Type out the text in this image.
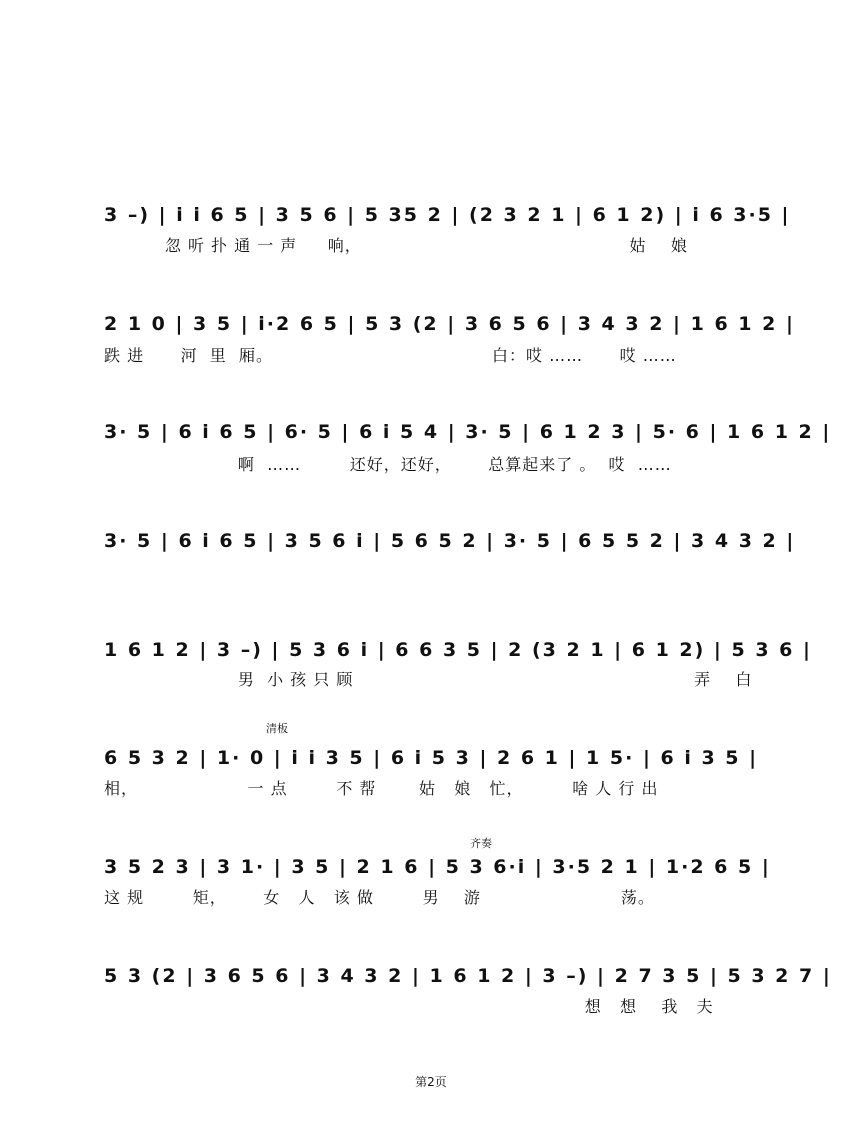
3 –) | i i 6 5 | 3 5 6 | 5 35 2 | (2 3 2 1 | 6 1 2) | i 6 3·5 |
忽 听 扑 通 一 声     响，                                            姑    娘
2 1 0 | 3 5 | i·2 6 5 | 5 3 (2 | 3 6 5 6 | 3 4 3 2 | 1 6 1 2 |
跌 进      河  里  厢。                                    白：哎 ……      哎 ……
3· 5 | 6 i 6 5 | 6· 5 | 6 i 5 4 | 3· 5 | 6 1 2 3 | 5· 6 | 1 6 1 2 |
啊  ……        还好，还好，      总算起来了 。  哎  ……
3· 5 | 6 i 6 5 | 3 5 6 i | 5 6 5 2 | 3· 5 | 6 5 5 2 | 3 4 3 2 |
1 6 1 2 | 3 –) | 5 3 6 i | 6 6 3 5 | 2 (3 2 1 | 6 1 2) | 5 3 6 |
男  小 孩 只 顾                                                        弄    白
清板
6 5 3 2 | 1· 0 | i i 3 5 | 6 i 5 3 | 2 6 1 | 1 5· | 6 i 3 5 |
相，                  一 点        不 帮       姑   娘   忙，        啥 人 行 出
齐奏
3 5 2 3 | 3 1· | 3 5 | 2 1 6 | 5 3 6·i | 3·5 2 1 | 1·2 6 5 |
这 规        矩，      女   人   该 做        男    游                       荡。
5 3 (2 | 3 6 5 6 | 3 4 3 2 | 1 6 1 2 | 3 –) | 2 7 3 5 | 5 3 2 7 |
想   想    我   夫
第2页
